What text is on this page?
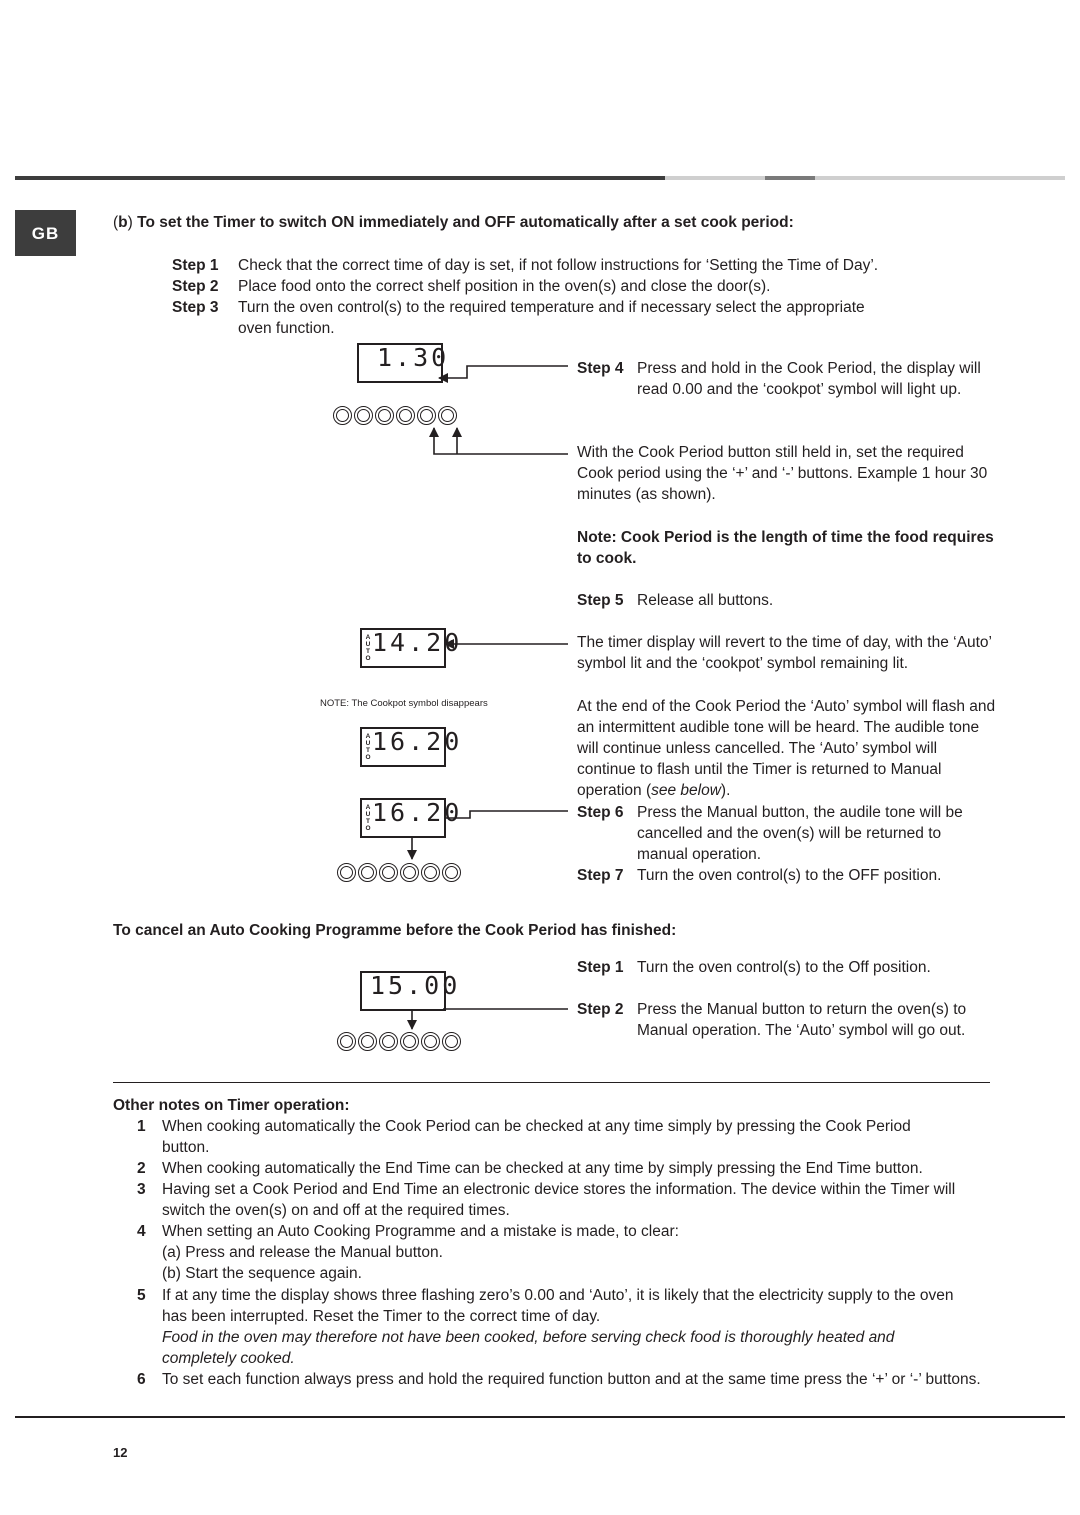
GB
(b) To set the Timer to switch ON immediately and OFF automatically after a set cook period:
Step 1 Check that the correct time of day is set, if not follow instructions for ‘Setting the Time of Day’.
Step 2 Place food onto the correct shelf position in the oven(s) and close the door(s).
Step 3 Turn the oven control(s) to the required temperature and if necessary select the appropriate
oven function.
1.30
A
U
T
O
14.20
NOTE: The Cookpot symbol disappears
A
U
T
O
16.20
A
U
T
O
16.20
15.00
Step 4 Press and hold in the Cook Period, the display will read 0.00 and the ‘cookpot’ symbol will light up.
With the Cook Period button still held in, set the required Cook period using the ‘+’ and ‘-’ buttons. Example 1 hour 30 minutes (as shown).
Note: Cook Period is the length of time the food requires to cook.
Step 5 Release all buttons.
The timer display will revert to the time of day, with the ‘Auto’ symbol lit and the ‘cookpot’ symbol remaining lit.
At the end of the Cook Period the ‘Auto’ symbol will flash and an intermittent audible tone will be heard. The audible tone will continue unless cancelled. The ‘Auto’ symbol will continue to flash until the Timer is returned to Manual operation (see below).
Step 6 Press the Manual button, the audile tone will be cancelled and the oven(s) will be returned to manual operation.
Step 7 Turn the oven control(s) to the OFF position.
To cancel an Auto Cooking Programme before the Cook Period has finished:
Step 1 Turn the oven control(s) to the Off position.
Step 2 Press the Manual button to return the oven(s) to Manual operation. The ‘Auto’ symbol will go out.
Other notes on Timer operation:
1 When cooking automatically the Cook Period can be checked at any time simply by pressing the Cook Period button.
2 When cooking automatically the End Time can be checked at any time by simply pressing the End Time button.
3 Having set a Cook Period and End Time an electronic device stores the information. The device within the Timer will switch the oven(s) on and off at the required times.
4 When setting an Auto Cooking Programme and a mistake is made, to clear:
(a) Press and release the Manual button.
(b) Start the sequence again.
5 If at any time the display shows three flashing zero’s 0.00 and ‘Auto’, it is likely that the electricity supply to the oven has been interrupted. Reset the Timer to the correct time of day.
Food in the oven may therefore not have been cooked, before serving check food is thoroughly heated and completely cooked.
6 To set each function always press and hold the required function button and at the same time press the ‘+’ or ‘-’ buttons.
12
